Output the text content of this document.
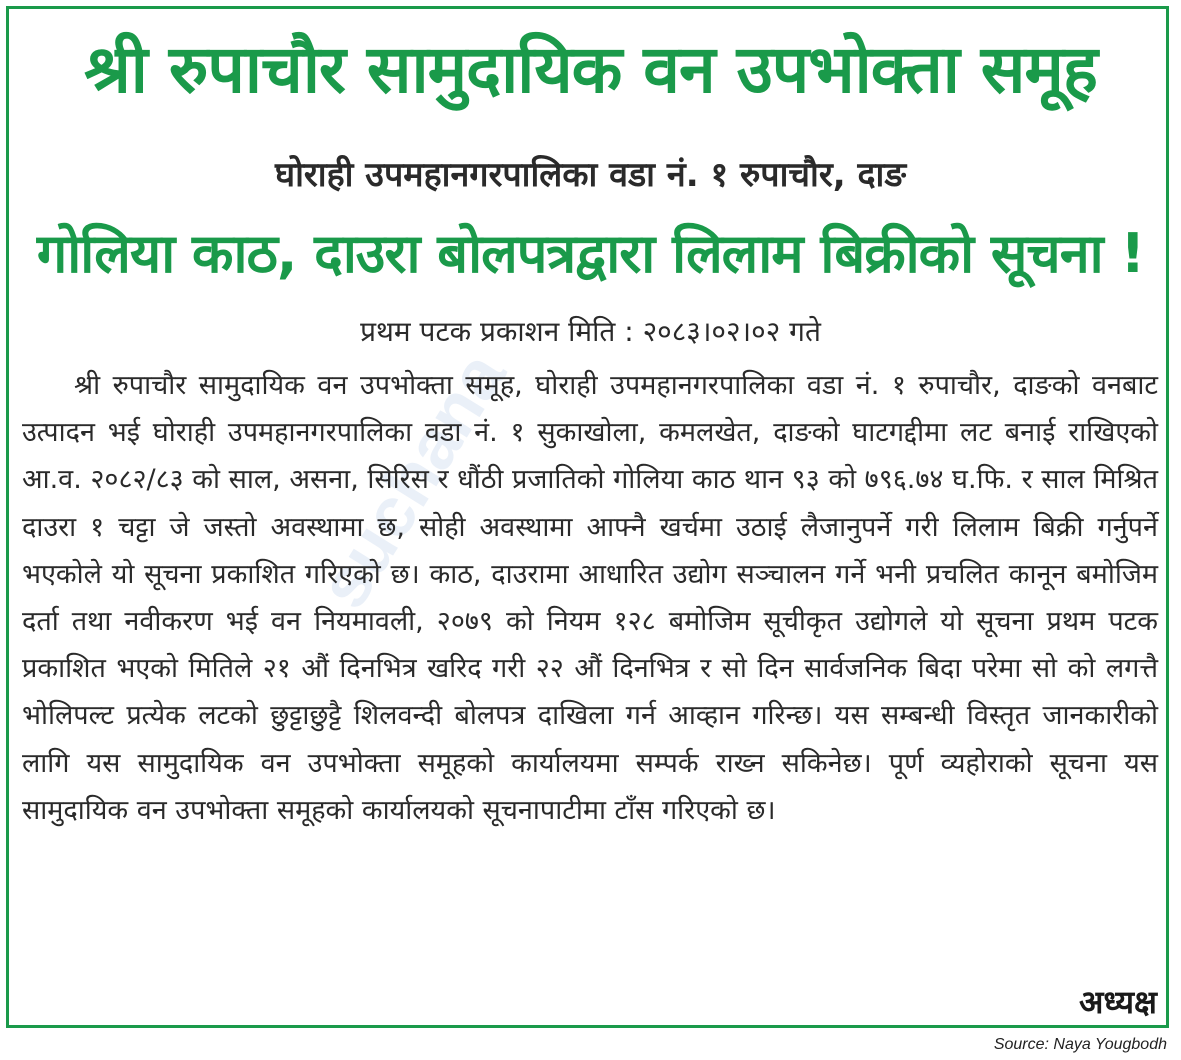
suchana
श्री रुपाचौर सामुदायिक वन उपभोक्ता समूह
घोराही उपमहानगरपालिका वडा नं. १ रुपाचौर, दाङ
गोलिया काठ, दाउरा बोलपत्रद्वारा लिलाम बिक्रीको सूचना !
प्रथम पटक प्रकाशन मिति : २०८३।०२।०२ गते

श्री रुपाचौर सामुदायिक वन उपभोक्ता समूह, घोराही उपमहानगरपालिका वडा नं. १ रुपाचौर, दाङको वनबाट उत्पादन भई घोराही उपमहानगरपालिका वडा नं. १ सुकाखोला, कमलखेत, दाङको घाटगद्दीमा लट बनाई राखिएको आ.व. २०८२/८३ को साल, असना, सिरिस र धौंठी प्रजातिको गोलिया काठ थान ९३ को ७९६.७४ घ.फि. र साल मिश्रित दाउरा १ चट्टा जे जस्तो अवस्थामा छ, सोही अवस्थामा आफ्नै खर्चमा उठाई लैजानुपर्ने गरी लिलाम बिक्री गर्नुपर्ने भएकोले यो सूचना प्रकाशित गरिएको छ। काठ, दाउरामा आधारित उद्योग सञ्चालन गर्ने भनी प्रचलित कानून बमोजिम दर्ता तथा नवीकरण भई वन नियमावली, २०७९ को नियम १२८ बमोजिम सूचीकृत उद्योगले यो सूचना प्रथम पटक प्रकाशित भएको मितिले २१ औं दिनभित्र खरिद गरी २२ औं दिनभित्र र सो दिन सार्वजनिक बिदा परेमा सो को लगत्तै भोलिपल्ट प्रत्येक लटको छुट्टाछुट्टै शिलवन्दी बोलपत्र दाखिला गर्न आव्हान गरिन्छ। यस सम्बन्धी विस्तृत जानकारीको लागि यस सामुदायिक वन उपभोक्ता समूहको कार्यालयमा सम्पर्क राख्न सकिनेछ। पूर्ण व्यहोराको सूचना यस सामुदायिक वन उपभोक्ता समूहको कार्यालयको सूचनापाटीमा टाँस गरिएको छ।

अध्यक्ष
Source: Naya Yougbodh
